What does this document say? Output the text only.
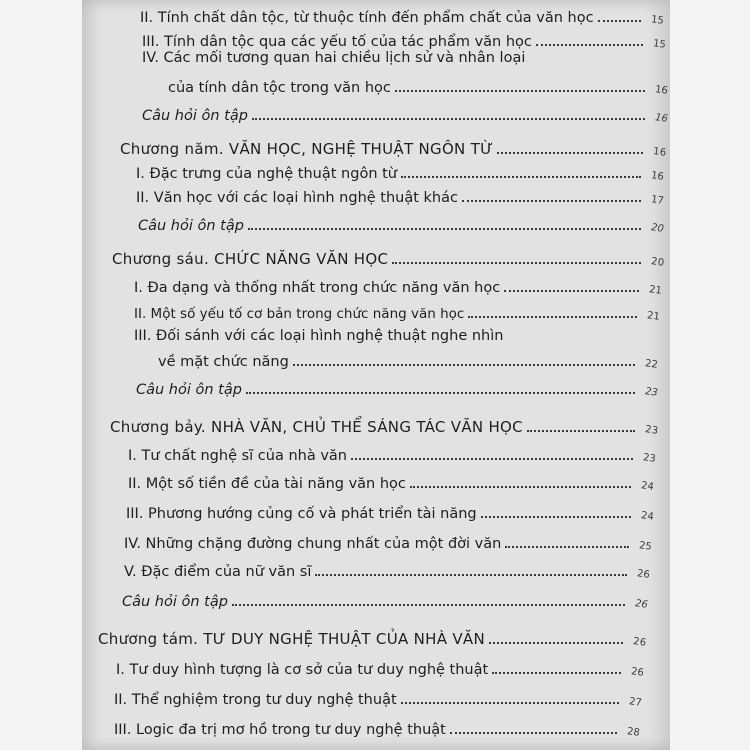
II. Tính chất dân tộc, từ thuộc tính đến phẩm chất của văn học	15
III. Tính dân tộc qua các yếu tố của tác phẩm văn học	15
IV. Các mối tương quan hai chiều lịch sử và nhân loại
của tính dân tộc trong văn học	16
Câu hỏi ôn tập	16
Chương năm. VĂN HỌC, NGHỆ THUẬT NGÔN TỪ	16
I. Đặc trưng của nghệ thuật ngôn từ	16
II. Văn học với các loại hình nghệ thuật khác	17
Câu hỏi ôn tập	20
Chương sáu. CHỨC NĂNG VĂN HỌC	20
I. Đa dạng và thống nhất trong chức năng văn học	21
II. Một số yếu tố cơ bản trong chức năng văn học	21
III. Đối sánh với các loại hình nghệ thuật nghe nhìn
về mặt chức năng	22
Câu hỏi ôn tập	23
Chương bảy. NHÀ VĂN, CHỦ THỂ SÁNG TÁC VĂN HỌC	23
I. Tư chất nghệ sĩ của nhà văn	23
II. Một số tiền đề của tài năng văn học	24
III. Phương hướng củng cố và phát triển tài năng	24
IV. Những chặng đường chung nhất của một đời văn	25
V. Đặc điểm của nữ văn sĩ	26
Câu hỏi ôn tập	26
Chương tám. TƯ DUY NGHỆ THUẬT CỦA NHÀ VĂN	26
I. Tư duy hình tượng là cơ sở của tư duy nghệ thuật	26
II. Thể nghiệm trong tư duy nghệ thuật	27
III. Logic đa trị mơ hồ trong tư duy nghệ thuật	28
